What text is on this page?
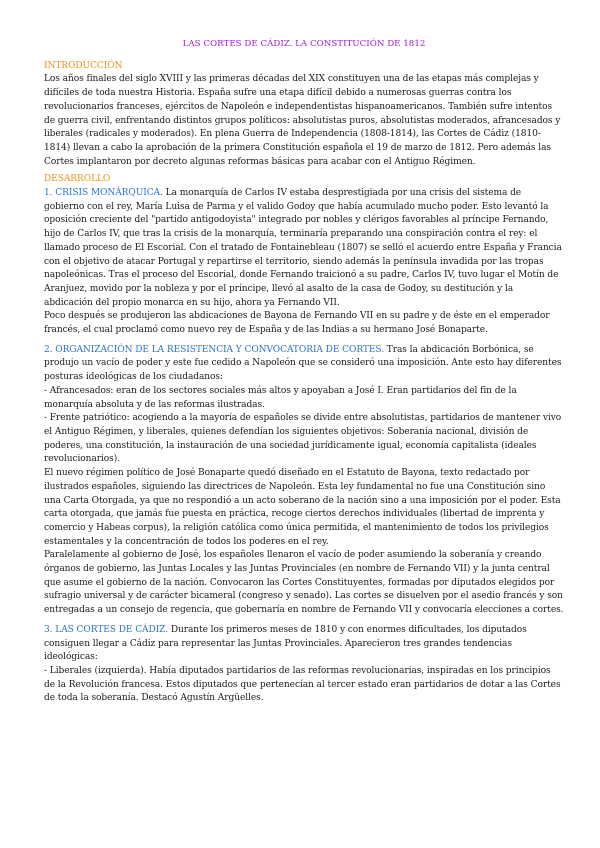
LAS CORTES DE CÁDIZ. LA CONSTITUCIÓN DE 1812
INTRODUCCIÓN

Los años finales del siglo XVIII y las primeras décadas del XIX constituyen una de las etapas más complejas y difíciles de toda nuestra Historia. España sufre una etapa difícil debido a numerosas guerras contra los revolucionarios franceses, ejércitos de Napoleón e independentistas hispanoamericanos. También sufre intentos de guerra civil, enfrentando distintos grupos políticos: absolutistas puros, absolutistas moderados, afrancesados y liberales (radicales y moderados). En plena Guerra de Independencia (1808-1814), las Cortes de Cádiz (1810-1814) llevan a cabo la aprobación de la primera Constitución española el 19 de marzo de 1812. Pero además las Cortes implantaron por decreto algunas reformas básicas para acabar con el Antiguo Régimen.

DESARROLLO

1. CRISIS MONÁRQUICA. La monarquía de Carlos IV estaba desprestigiada por una crisis del sistema de gobierno con el rey, María Luisa de Parma y el valido Godoy que había acumulado mucho poder. Esto levantó la oposición creciente del "partido antigodoyista" integrado por nobles y clérigos favorables al príncipe Fernando, hijo de Carlos IV, que tras la crisis de la monarquía, terminaría preparando una conspiración contra el rey: el llamado proceso de El Escorial. Con el tratado de Fontainebleau (1807) se selló el acuerdo entre España y Francia con el objetivo de atacar Portugal y repartirse el territorio, siendo además la península invadida por las tropas napoleónicas. Tras el proceso del Escorial, donde Fernando traicionó a su padre, Carlos IV, tuvo lugar el Motín de Aranjuez, movido por la nobleza y por el príncipe, llevó al asalto de la casa de Godoy, su destitución y la abdicación del propio monarca en su hijo, ahora ya Fernando VII.

Poco después se produjeron las abdicaciones de Bayona de Fernando VII en su padre y de éste en el emperador francés, el cual proclamó como nuevo rey de España y de las Indias a su hermano José Bonaparte.

2. ORGANIZACIÓN DE LA RESISTENCIA Y CONVOCATORIA DE CORTES. Tras la abdicación Borbónica, se produjo un vacío de poder y este fue cedido a Napoleón que se consideró una imposición. Ante esto hay diferentes posturas ideológicas de los ciudadanos:

- Afrancesados: eran de los sectores sociales más altos y apoyaban a José I. Eran partidarios del fin de la monarquía absoluta y de las reformas ilustradas.

- Frente patriótico: acogiendo a la mayoría de españoles se divide entre absolutistas, partidarios de mantener vivo el Antiguo Régimen, y liberales, quienes defendían los siguientes objetivos: Soberanía nacional, división de poderes, una constitución, la instauración de una sociedad jurídicamente igual, economía capitalista (ideales revolucionarios).

El nuevo régimen político de José Bonaparte quedó diseñado en el Estatuto de Bayona, texto redactado por ilustrados españoles, siguiendo las directrices de Napoleón. Esta ley fundamental no fue una Constitución sino una Carta Otorgada, ya que no respondió a un acto soberano de la nación sino a una imposición por el poder. Esta carta otorgada, que jamás fue puesta en práctica, recoge ciertos derechos individuales (libertad de imprenta y comercio y Habeas corpus), la religión católica como única permitida, el mantenimiento de todos los privilegios estamentales y la concentración de todos los poderes en el rey.

Paralelamente al gobierno de José, los españoles llenaron el vacío de poder asumiendo la soberanía y creando órganos de gobierno, las Juntas Locales y las Juntas Provinciales (en nombre de Fernando VII) y la junta central que asume el gobierno de la nación. Convocaron las Cortes Constituyentes, formadas por diputados elegidos por sufragio universal y de carácter bicameral (congreso y senado). Las cortes se disuelven por el asedio francés y son entregadas a un consejo de regencia, que gobernaría en nombre de Fernando VII y convocaría elecciones a cortes.

3. LAS CORTES DE CÁDIZ. Durante los primeros meses de 1810 y con enormes dificultades, los diputados consiguen llegar a Cádiz para representar las Juntas Provinciales. Aparecieron tres grandes tendencias ideológicas:

- Liberales (izquierda). Había diputados partidarios de las reformas revolucionarias, inspiradas en los principios de la Revolución francesa. Estos diputados que pertenecían al tercer estado eran partidarios de dotar a las Cortes de toda la soberanía. Destacó Agustín Argüelles.
